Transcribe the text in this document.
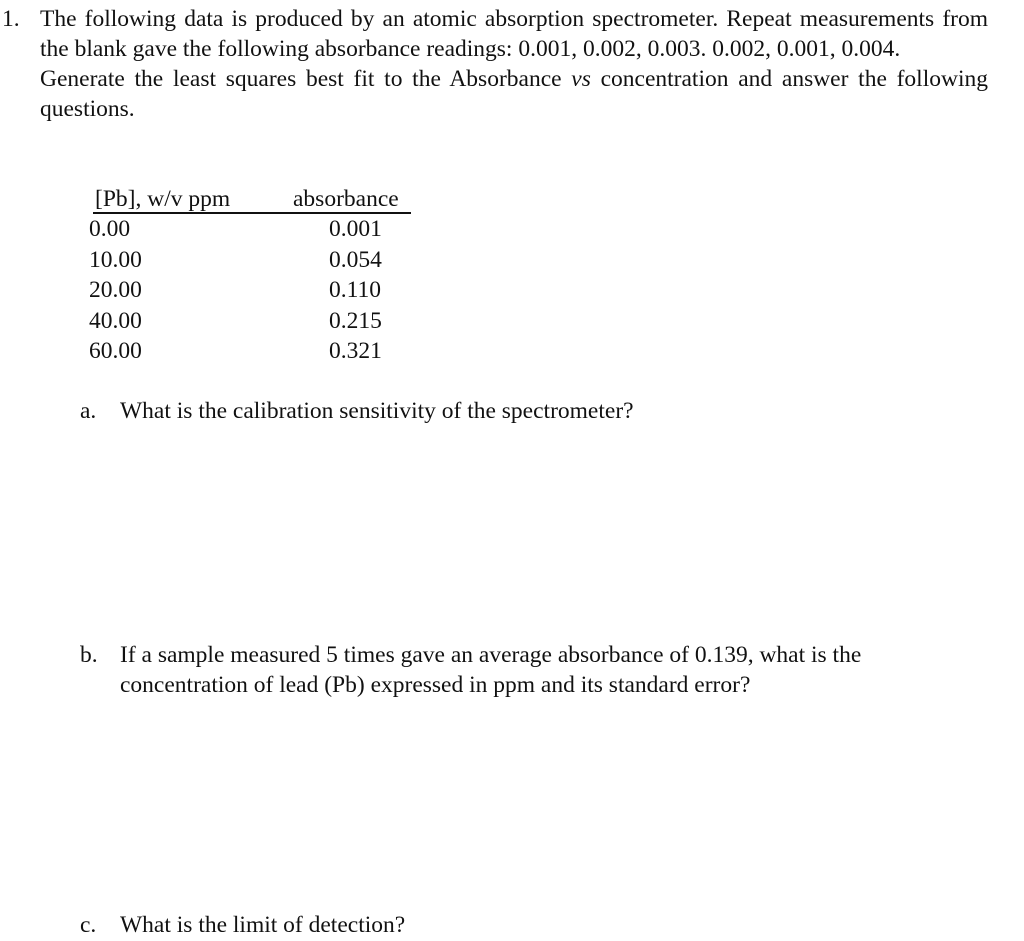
1. The following data is produced by an atomic absorption spectrometer. Repeat measurements from the blank gave the following absorbance readings: 0.001, 0.002, 0.003. 0.002, 0.001, 0.004.

Generate the least squares best fit to the Absorbance vs concentration and answer the following questions.

[Pb], w/v ppm	absorbance
0.00	0.001
10.00	0.054
20.00	0.110
40.00	0.215
60.00	0.321
a. What is the calibration sensitivity of the spectrometer?
b. If a sample measured 5 times gave an average absorbance of 0.139, what is the concentration of lead (Pb) expressed in ppm and its standard error?
c. What is the limit of detection?
